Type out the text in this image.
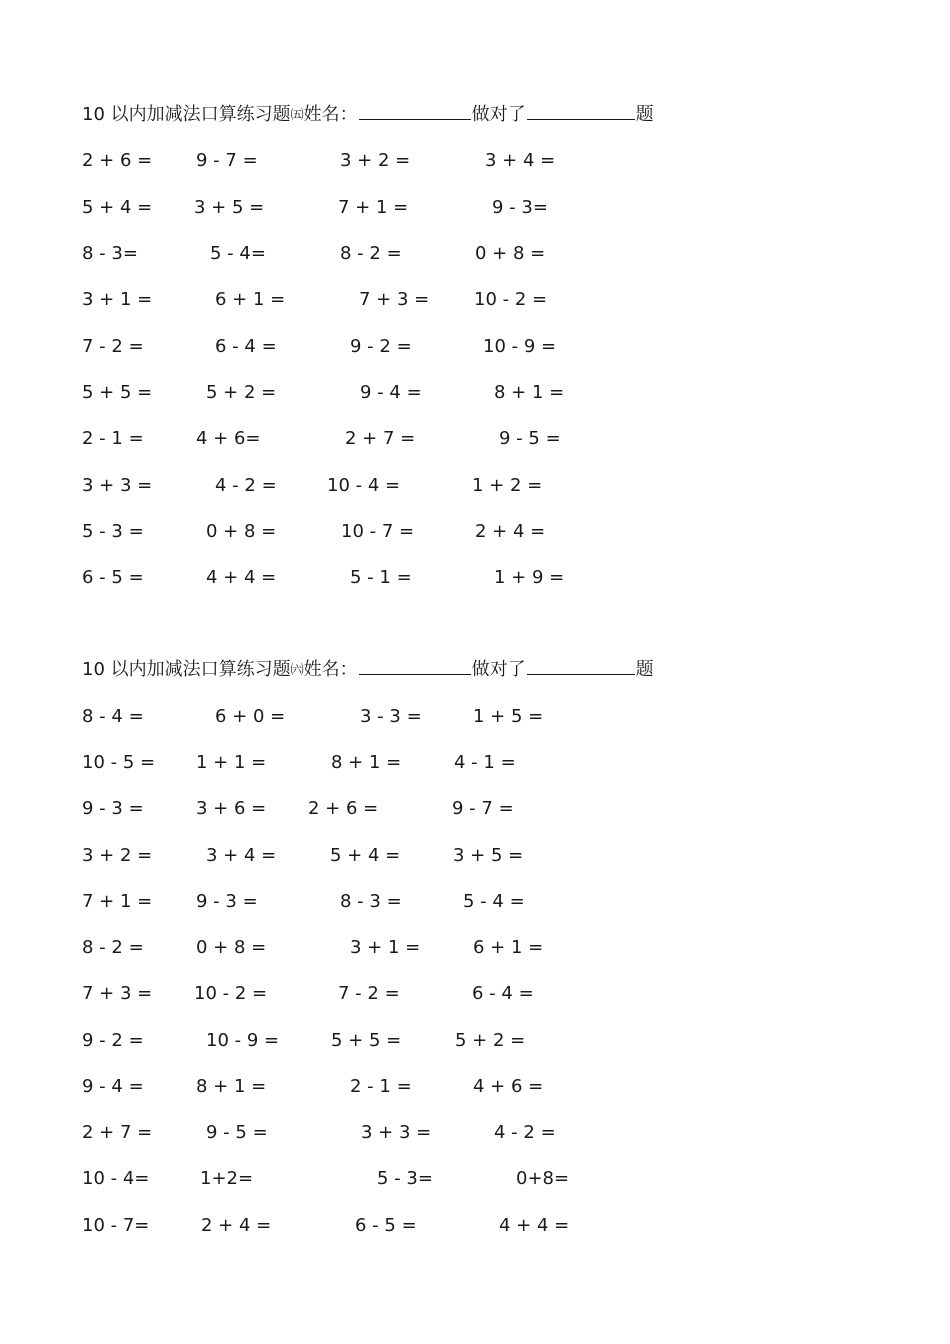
10 以内加减法口算练习题㈤姓名：	做对了	题
2 + 6 = 9 - 7 =	3 + 2 =	3 + 4 =
5 + 4 = 3 + 5 =	7 + 1 =	9 - 3=
8 - 3=	5 - 4=	8 - 2 =	0 + 8 =
3 + 1 =	6 + 1 =	7 + 3 = 10 - 2 =
7 - 2 =	6 - 4 =	9 - 2 =	10 - 9 =
5 + 5 =	5 + 2 =	9 - 4 =	8 + 1 =
2 - 1 =	4 + 6=	2 + 7 =	9 - 5 =
3 + 3 =	4 - 2 =	10 - 4 =	1 + 2 =
5 - 3 =	0 + 8 =	10 - 7 =	2 + 4 =
6 - 5 =	4 + 4 =	5 - 1 =	1 + 9 =
10 以内加减法口算练习题㈥姓名：	做对了	题
8 - 4 =	6 + 0 =	3 - 3 =	1 + 5 =
10 - 5 = 1 + 1 =	8 + 1 =	4 - 1 =
9 - 3 =	3 + 6 = 2 + 6 =	9 - 7 =
3 + 2 =	3 + 4 =	5 + 4 =	3 + 5 =
7 + 1 = 9 - 3 =	8 - 3 =	5 - 4 =
8 - 2 =	0 + 8 =	3 + 1 =	6 + 1 =
7 + 3 = 10 - 2 =	7 - 2 =	6 - 4 =
9 - 2 =	10 - 9 =	5 + 5 =	5 + 2 =
9 - 4 =	8 + 1 =	2 - 1 =	4 + 6 =
2 + 7 =	9 - 5 =	3 + 3 =	4 - 2 =
10 - 4=	1+2=	5 - 3=	0+8=
10 - 7=	2 + 4 =	6 - 5 =	4 + 4 =
